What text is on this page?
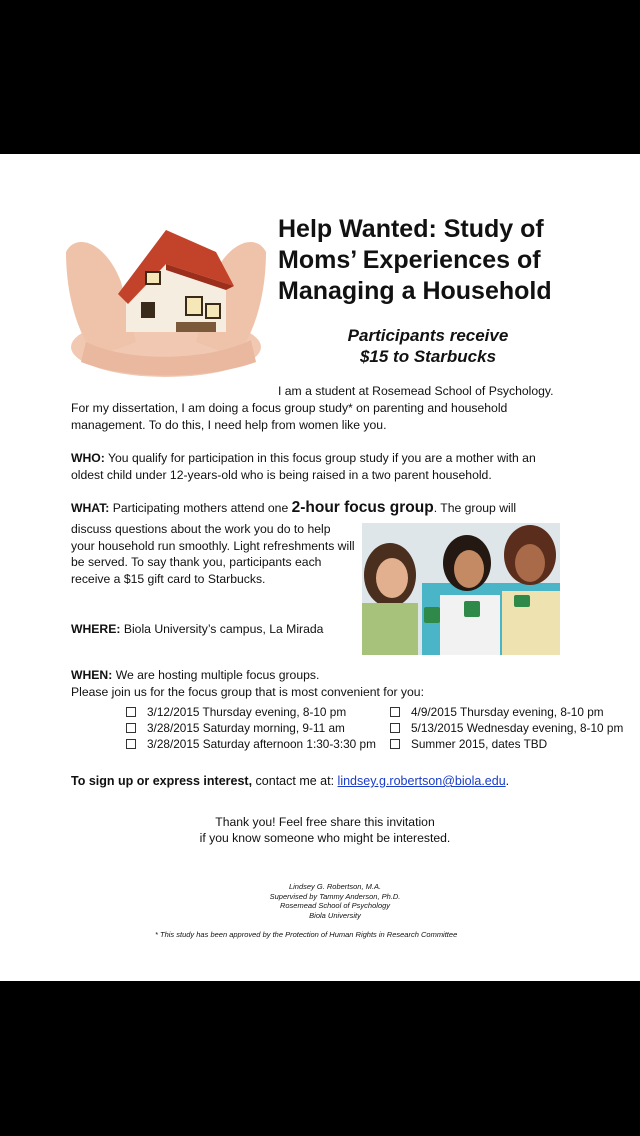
Help Wanted: Study of
Moms’ Experiences of
Managing a Household
Participants receive
$15 to Starbucks
I am a student at Rosemead School of Psychology.
For my dissertation, I am doing a focus group study* on parenting and household management. To do this, I need help from women like you.
WHO: You qualify for participation in this focus group study if you are a mother with an oldest child under 12-years-old who is being raised in a two parent household.
WHAT: Participating mothers attend one 2-hour focus group. The group will
discuss questions about the work you do to help your household run smoothly. Light refreshments will be served. To say thank you, participants each receive a $15 gift card to Starbucks.
WHERE: Biola University’s campus, La Mirada
WHEN: We are hosting multiple focus groups.
Please join us for the focus group that is most convenient for you:
3/12/2015 Thursday evening, 8-10 pm
3/28/2015 Saturday morning, 9-11 am
3/28/2015 Saturday afternoon 1:30-3:30 pm
4/9/2015 Thursday evening, 8-10 pm
5/13/2015 Wednesday evening, 8-10 pm
Summer 2015, dates TBD
To sign up or express interest, contact me at: lindsey.g.robertson@biola.edu.
Thank you! Feel free share this invitation
if you know someone who might be interested.
Lindsey G. Robertson, M.A.
Supervised by Tammy Anderson, Ph.D.
Rosemead School of Psychology
Biola University
* This study has been approved by the Protection of Human Rights in Research Committee
